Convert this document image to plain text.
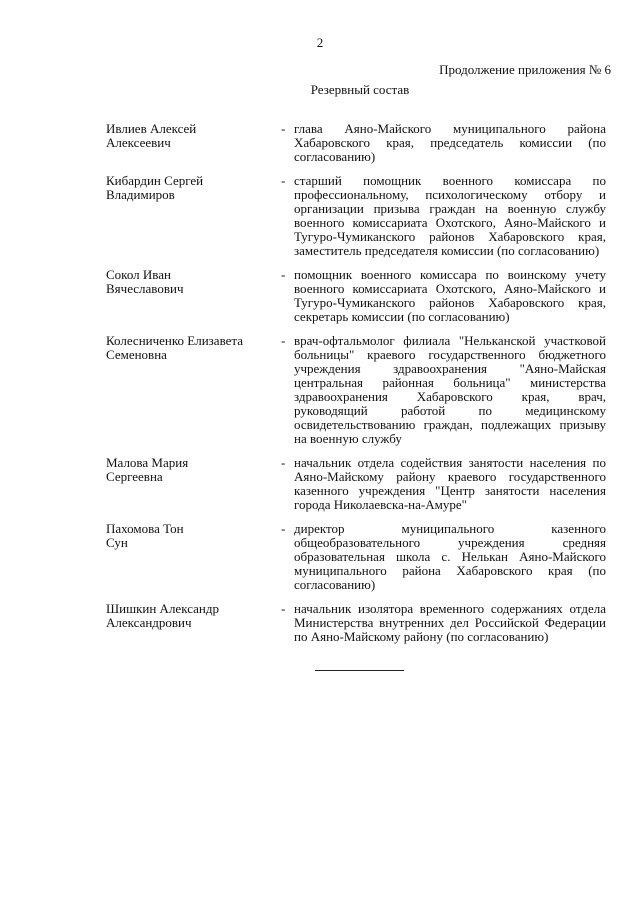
2
Продолжение приложения № 6
Резервный состав
Ивлиев Алексей
Алексеевич
- глава Аяно-Майского муниципального района Хабаровского края, председатель комиссии (по согласованию)
Кибардин Сергей
Владимиров
- старший помощник военного комиссара по профессиональному, психологическому отбору и организации призыва граждан на военную службу военного комиссариата Охотского, Аяно-Майского и Тугуро-Чумиканского районов Хабаровского края, заместитель председателя комиссии (по согласованию)
Сокол Иван
Вячеславович
- помощник военного комиссара по воинскому учету военного комиссариата Охотского, Аяно-Майского и Тугуро-Чумиканского районов Хабаровского края, секретарь комиссии (по согласованию)
Колесниченко Елизавета
Семеновна
- врач-офтальмолог филиала "Нельканской участковой больницы" краевого государственного бюджетного учреждения здравоохранения "Аяно-Майская центральная районная больница" министерства здравоохранения Хабаровского края, врач, руководящий работой по медицинскому освидетельствованию граждан, подлежащих призыву на военную службу
Малова Мария
Сергеевна
- начальник отдела содействия занятости населения по Аяно-Майскому району краевого государственного казенного учреждения "Центр занятости населения города Николаевска-на-Амуре"
Пахомова Тон
Сун
- директор муниципального казенного общеобразовательного учреждения средняя образовательная школа с. Нелькан Аяно-Майского муниципального района Хабаровского края (по согласованию)
Шишкин Александр
Александрович
- начальник изолятора временного содержаниях отдела Министерства внутренних дел Российской Федерации по Аяно-Майскому району (по согласованию)
